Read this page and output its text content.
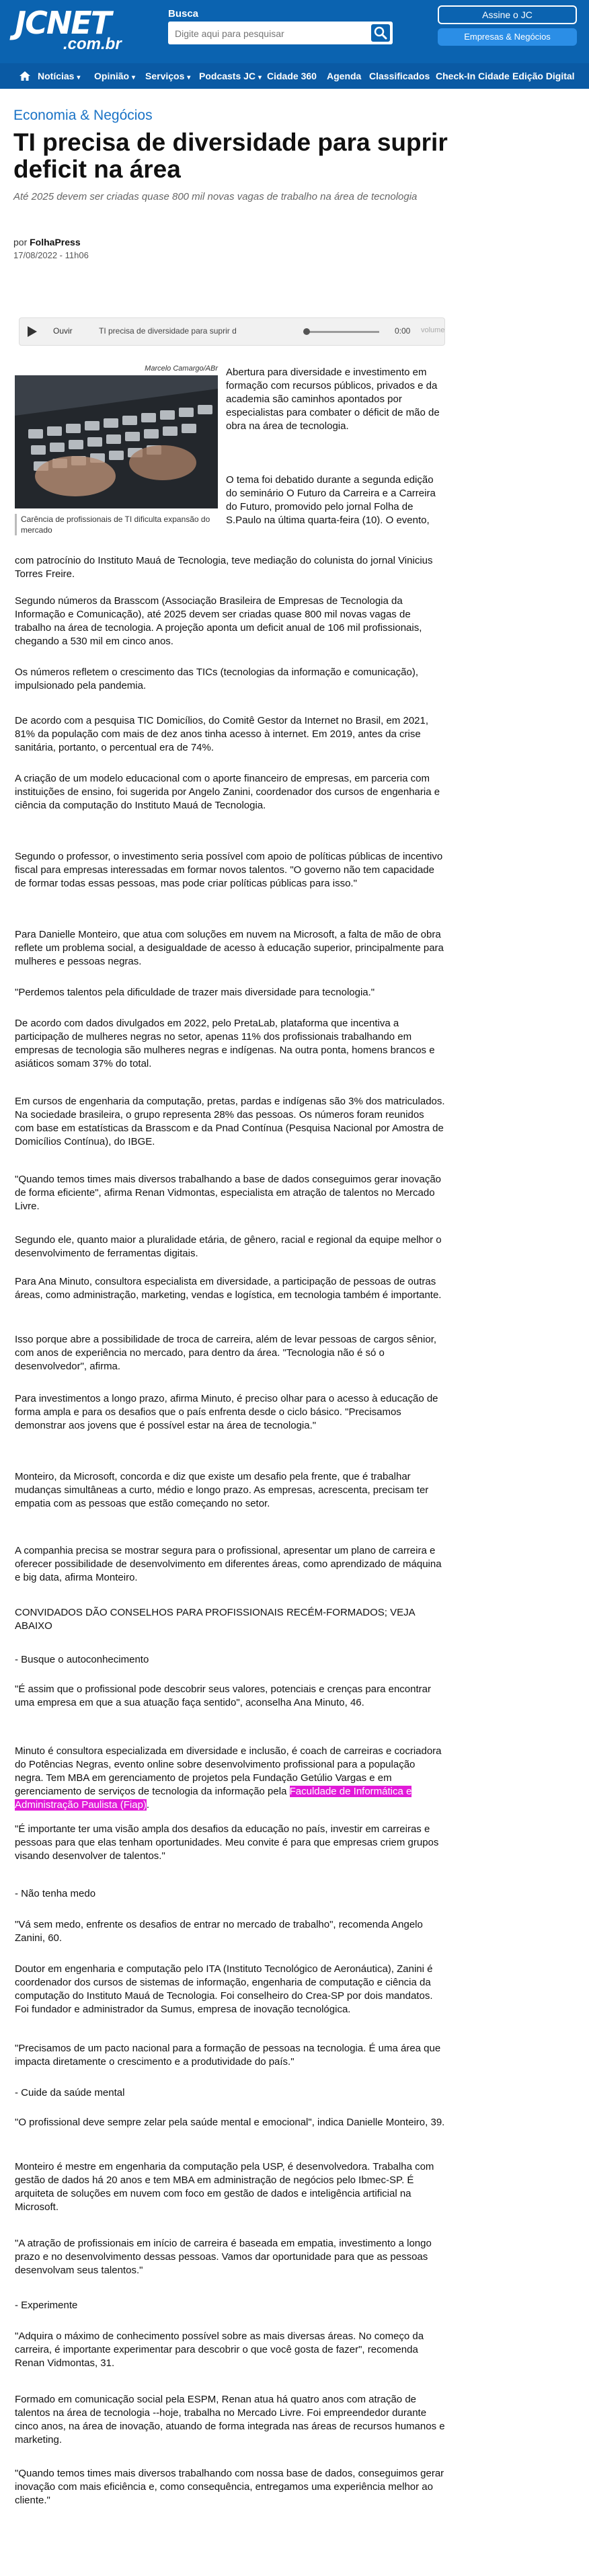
JCNET
.com.br
Busca
Digite aqui para pesquisar	Assine o JC
Empresas & Negócios
Notícias ▾ Opinião ▾ Serviços ▾ Podcasts JC ▾ Cidade 360 Agenda Classificados Check-In Cidade Edição Digital
Economia & Negócios
TI precisa de diversidade para suprir deficit na área
Até 2025 devem ser criadas quase 800 mil novas vagas de trabalho na área de tecnologia
por FolhaPress
17/08/2022 - 11h06
Ouvir	TI precisa de diversidade para suprir d	0:00 volume
Marcelo Camargo/ABr
Carência de profissionais de TI dificulta expansão do mercado

Abertura para diversidade e investimento em formação com recursos públicos, privados e da academia são caminhos apontados por especialistas para combater o déficit de mão de obra na área de tecnologia.

O tema foi debatido durante a segunda edição do seminário O Futuro da Carreira e a Carreira do Futuro, promovido pelo jornal Folha de S.Paulo na última quarta-feira (10). O evento,

com patrocínio do Instituto Mauá de Tecnologia, teve mediação do colunista do jornal Vinicius Torres Freire.

Segundo números da Brasscom (Associação Brasileira de Empresas de Tecnologia da Informação e Comunicação), até 2025 devem ser criadas quase 800 mil novas vagas de trabalho na área de tecnologia. A projeção aponta um deficit anual de 106 mil profissionais, chegando a 530 mil em cinco anos.

Os números refletem o crescimento das TICs (tecnologias da informação e comunicação), impulsionado pela pandemia.

De acordo com a pesquisa TIC Domicílios, do Comitê Gestor da Internet no Brasil, em 2021, 81% da população com mais de dez anos tinha acesso à internet. Em 2019, antes da crise sanitária, portanto, o percentual era de 74%.

A criação de um modelo educacional com o aporte financeiro de empresas, em parceria com instituições de ensino, foi sugerida por Angelo Zanini, coordenador dos cursos de engenharia e ciência da computação do Instituto Mauá de Tecnologia.

Segundo o professor, o investimento seria possível com apoio de políticas públicas de incentivo fiscal para empresas interessadas em formar novos talentos. "O governo não tem capacidade de formar todas essas pessoas, mas pode criar políticas públicas para isso."

Para Danielle Monteiro, que atua com soluções em nuvem na Microsoft, a falta de mão de obra reflete um problema social, a desigualdade de acesso à educação superior, principalmente para mulheres e pessoas negras.

"Perdemos talentos pela dificuldade de trazer mais diversidade para tecnologia."

De acordo com dados divulgados em 2022, pelo PretaLab, plataforma que incentiva a participação de mulheres negras no setor, apenas 11% dos profissionais trabalhando em empresas de tecnologia são mulheres negras e indígenas. Na outra ponta, homens brancos e asiáticos somam 37% do total.

Em cursos de engenharia da computação, pretas, pardas e indígenas são 3% dos matriculados. Na sociedade brasileira, o grupo representa 28% das pessoas. Os números foram reunidos com base em estatísticas da Brasscom e da Pnad Contínua (Pesquisa Nacional por Amostra de Domicílios Contínua), do IBGE.

"Quando temos times mais diversos trabalhando a base de dados conseguimos gerar inovação de forma eficiente", afirma Renan Vidmontas, especialista em atração de talentos no Mercado Livre.

Segundo ele, quanto maior a pluralidade etária, de gênero, racial e regional da equipe melhor o desenvolvimento de ferramentas digitais.

Para Ana Minuto, consultora especialista em diversidade, a participação de pessoas de outras áreas, como administração, marketing, vendas e logística, em tecnologia também é importante.

Isso porque abre a possibilidade de troca de carreira, além de levar pessoas de cargos sênior, com anos de experiência no mercado, para dentro da área. "Tecnologia não é só o desenvolvedor", afirma.

Para investimentos a longo prazo, afirma Minuto, é preciso olhar para o acesso à educação de forma ampla e para os desafios que o país enfrenta desde o ciclo básico. "Precisamos demonstrar aos jovens que é possível estar na área de tecnologia."

Monteiro, da Microsoft, concorda e diz que existe um desafio pela frente, que é trabalhar mudanças simultâneas a curto, médio e longo prazo. As empresas, acrescenta, precisam ter empatia com as pessoas que estão começando no setor.

A companhia precisa se mostrar segura para o profissional, apresentar um plano de carreira e oferecer possibilidade de desenvolvimento em diferentes áreas, como aprendizado de máquina e big data, afirma Monteiro.

CONVIDADOS DÃO CONSELHOS PARA PROFISSIONAIS RECÉM-FORMADOS; VEJA ABAIXO

- Busque o autoconhecimento

"É assim que o profissional pode descobrir seus valores, potenciais e crenças para encontrar uma empresa em que a sua atuação faça sentido", aconselha Ana Minuto, 46.

Minuto é consultora especializada em diversidade e inclusão, é coach de carreiras e cocriadora do Potências Negras, evento online sobre desenvolvimento profissional para a população negra. Tem MBA em gerenciamento de projetos pela Fundação Getúlio Vargas e em gerenciamento de serviços de tecnologia da informação pela Faculdade de Informática e Administração Paulista (Fiap).

"É importante ter uma visão ampla dos desafios da educação no país, investir em carreiras e pessoas para que elas tenham oportunidades. Meu convite é para que empresas criem grupos visando desenvolver de talentos."

- Não tenha medo

"Vá sem medo, enfrente os desafios de entrar no mercado de trabalho", recomenda Angelo Zanini, 60.

Doutor em engenharia e computação pelo ITA (Instituto Tecnológico de Aeronáutica), Zanini é coordenador dos cursos de sistemas de informação, engenharia de computação e ciência da computação do Instituto Mauá de Tecnologia. Foi conselheiro do Crea-SP por dois mandatos. Foi fundador e administrador da Sumus, empresa de inovação tecnológica.

"Precisamos de um pacto nacional para a formação de pessoas na tecnologia. É uma área que impacta diretamente o crescimento e a produtividade do país."

- Cuide da saúde mental

"O profissional deve sempre zelar pela saúde mental e emocional", indica Danielle Monteiro, 39.

Monteiro é mestre em engenharia da computação pela USP, é desenvolvedora. Trabalha com gestão de dados há 20 anos e tem MBA em administração de negócios pelo Ibmec-SP. É arquiteta de soluções em nuvem com foco em gestão de dados e inteligência artificial na Microsoft.

"A atração de profissionais em início de carreira é baseada em empatia, investimento a longo prazo e no desenvolvimento dessas pessoas. Vamos dar oportunidade para que as pessoas desenvolvam seus talentos."

- Experimente

"Adquira o máximo de conhecimento possível sobre as mais diversas áreas. No começo da carreira, é importante experimentar para descobrir o que você gosta de fazer", recomenda Renan Vidmontas, 31.

Formado em comunicação social pela ESPM, Renan atua há quatro anos com atração de talentos na área de tecnologia --hoje, trabalha no Mercado Livre. Foi empreendedor durante cinco anos, na área de inovação, atuando de forma integrada nas áreas de recursos humanos e marketing.

"Quando temos times mais diversos trabalhando com nossa base de dados, conseguimos gerar inovação com mais eficiência e, como consequência, entregamos uma experiência melhor ao cliente."
